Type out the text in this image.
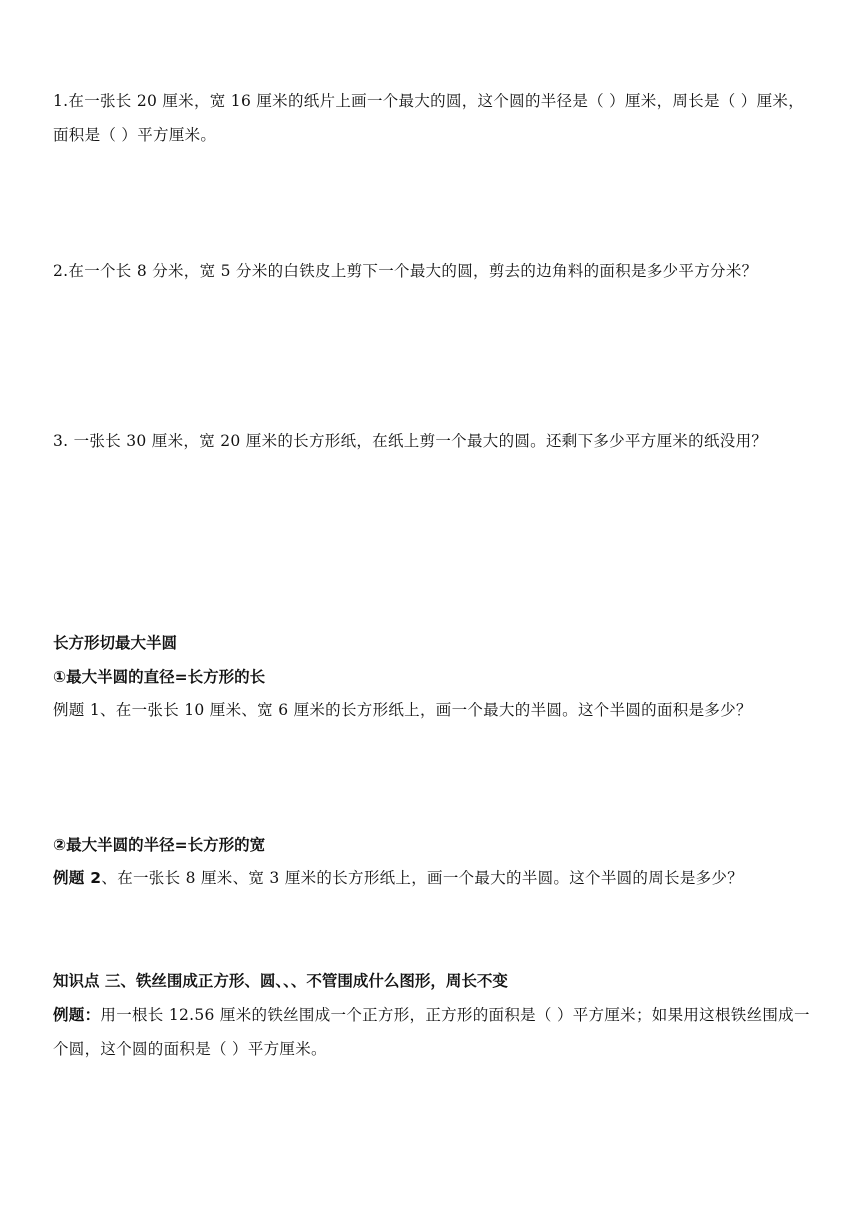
1.在一张长 20 厘米，宽 16 厘米的纸片上画一个最大的圆，这个圆的半径是（ ）厘米，周长是（ ）厘米，面积是（ ）平方厘米。

2.在一个长 8 分米，宽 5 分米的白铁皮上剪下一个最大的圆，剪去的边角料的面积是多少平方分米？

3. 一张长 30 厘米，宽 20 厘米的长方形纸，在纸上剪一个最大的圆。还剩下多少平方厘米的纸没用？

长方形切最大半圆

①最大半圆的直径=长方形的长

例题 1、在一张长 10 厘米、宽 6 厘米的长方形纸上，画一个最大的半圆。这个半圆的面积是多少？

②最大半圆的半径=长方形的宽

例题 2、在一张长 8 厘米、宽 3 厘米的长方形纸上，画一个最大的半圆。这个半圆的周长是多少？

知识点 三、铁丝围成正方形、圆、、、不管围成什么图形，周长不变

例题：用一根长 12.56 厘米的铁丝围成一个正方形，正方形的面积是（ ）平方厘米；如果用这根铁丝围成一个圆，这个圆的面积是（ ）平方厘米。
